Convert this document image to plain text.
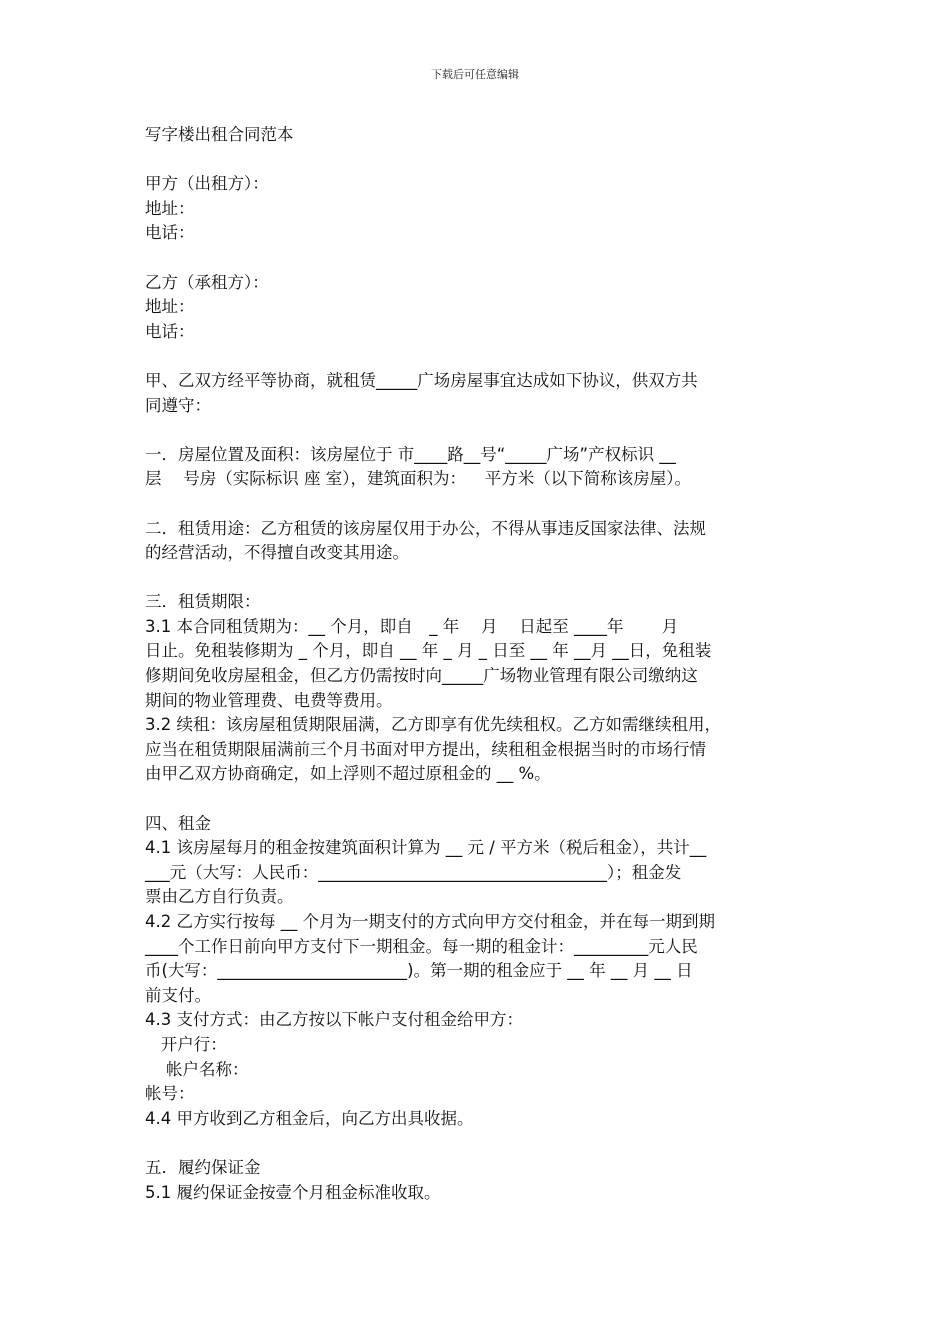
下载后可任意编辑

写字楼出租合同范本

甲方（出租方）：

地址：

电话：

乙方（承租方）：

地址：

电话：

甲、乙双方经平等协商，就租赁_____广场房屋事宜达成如下协议，供双方共

同遵守：

一．房屋位置及面积：该房屋位于 市____路__号“_____广场”产权标识 __

层　 号房（实际标识 座 室），建筑面积为：　  平方米（以下简称该房屋）。

二．租赁用途：乙方租赁的该房屋仅用于办公，不得从事违反国家法律、法规

的经营活动，不得擅自改变其用途。

三．租赁期限：

3.1 本合同租赁期为：__ 个月，即自　_ 年　 月　 日起至 ____年　　 月

日止。免租装修期为 _ 个月，即自 __ 年 _ 月 _ 日至 __ 年 __月 __日，免租装

修期间免收房屋租金，但乙方仍需按时向_____广场物业管理有限公司缴纳这

期间的物业管理费、电费等费用。

3.2 续租：该房屋租赁期限届满，乙方即享有优先续租权。乙方如需继续租用，

应当在租赁期限届满前三个月书面对甲方提出，续租租金根据当时的市场行情

由甲乙双方协商确定，如上浮则不超过原租金的 __ %。

四、租金

4.1 该房屋每月的租金按建筑面积计算为 __ 元 / 平方米（税后租金），共计__

___元（大写：人民币：___________________________________）；租金发

票由乙方自行负责。

4.2 乙方实行按每 __ 个月为一期支付的方式向甲方交付租金，并在每一期到期

____个工作日前向甲方支付下一期租金。每一期的租金计：_________元人民

币(大写：_______________________)。第一期的租金应于 __ 年 __ 月 __ 日

前支付。

4.3 支付方式：由乙方按以下帐户支付租金给甲方：

开户行：

帐户名称：

帐号：

4.4 甲方收到乙方租金后，向乙方出具收据。

五．履约保证金

5.1 履约保证金按壹个月租金标准收取。
